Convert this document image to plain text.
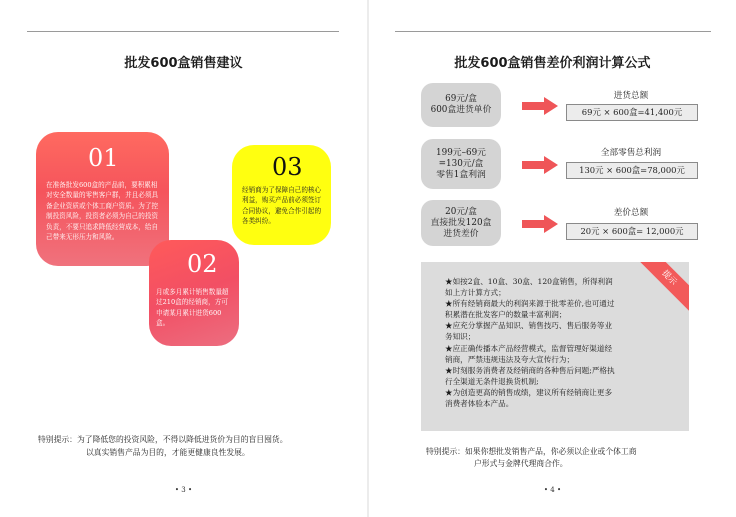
批发600盒销售建议
01
在准备批发600盒的产品前，要积累相对安全数量的零售客户群，并且必须具备企业资质或个体工商户资质。为了控制投资风险，投资者必须为自己的投资负责，不要只追求降低经营成本，给自己带来无形压力和风险。
03
经销商为了保障自己的核心利益，购买产品前必须签订合同协议，避免合作引起的各类纠纷。
02
月或多月累计销售数量超过210盒的经销商，方可申请某月累计进货600盒。
特别提示：为了降低您的投资风险，不得以降低进货价为目的盲目囤货。
以真实销售产品为目的，才能更健康良性发展。
• 3 •
批发600盒销售差价利润计算公式
69元/盒
600盒进货单价
进货总额
69元 × 600盒=41,400元
199元–69元
=130元/盒
零售1盒利润
全部零售总利润
130元 × 600盒=78,000元
20元/盒
直接批发120盒
进货差价
差价总额
20元 × 600盒= 12,000元
提示
★如按2盒、10盒、30盒、120盒销售，所得利润
如上方计算方式；
★所有经销商最大的利润来源于批零差价,也可通过
积累潜在批发客户的数量丰富利润；
★应充分掌握产品知识、销售技巧、售后服务等业
务知识；
★应正确传播本产品经营模式，监督管理好渠道经
销商，严禁违规违法及夸大宣传行为；
★时刻服务消费者及经销商的各种售后问题;严格执
行全渠道无条件退换货机制;
★为创造更高的销售成绩，建议所有经销商让更多
消费者体验本产品。
特别提示：如果你想批发销售产品，你必须以企业或个体工商
户形式与金牌代理商合作。
• 4 •
